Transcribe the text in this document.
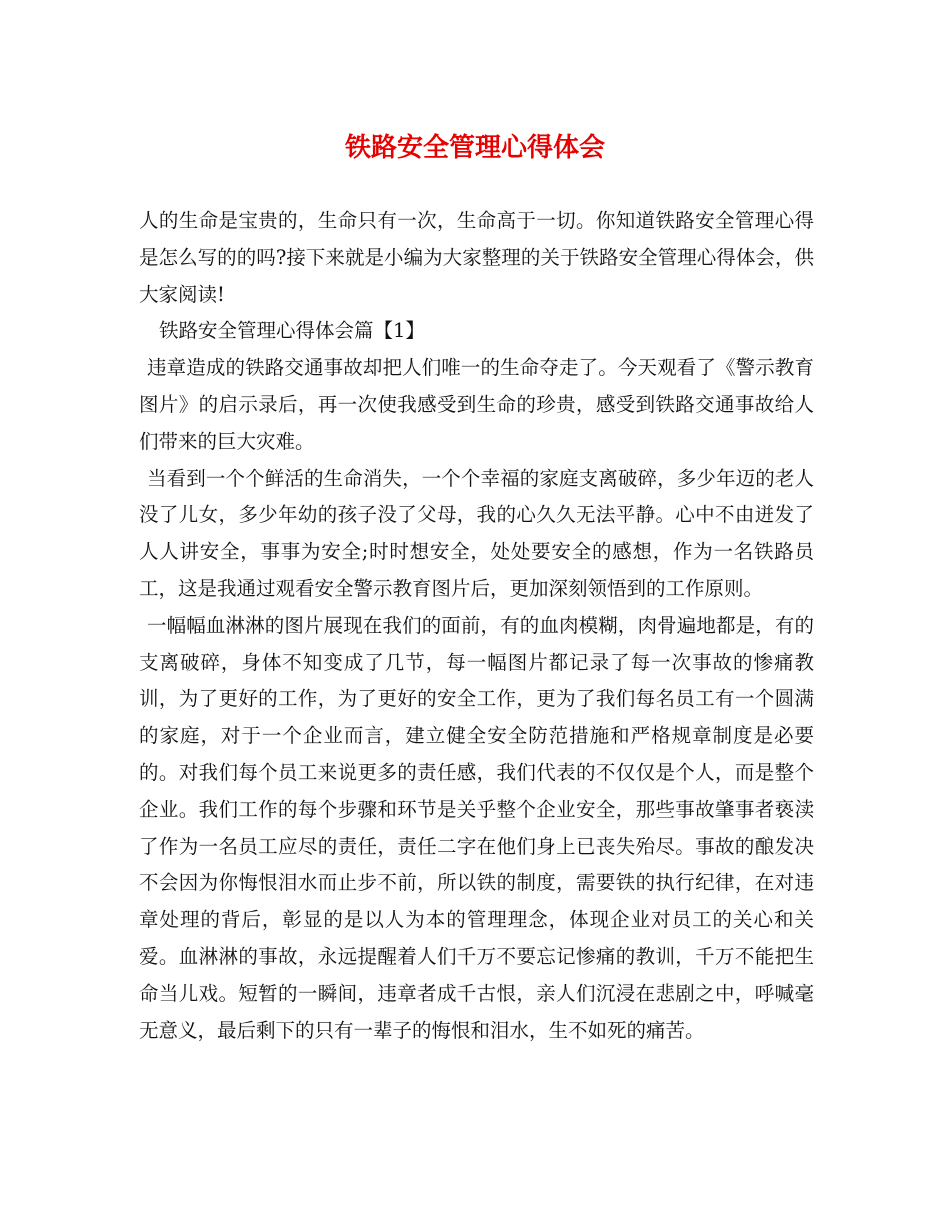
铁路安全管理心得体会

人的生命是宝贵的，生命只有一次，生命高于一切。你知道铁路安全管理心得是怎么写的的吗?接下来就是小编为大家整理的关于铁路安全管理心得体会，供大家阅读!

铁路安全管理心得体会篇【1】

违章造成的铁路交通事故却把人们唯一的生命夺走了。今天观看了《警示教育图片》的启示录后，再一次使我感受到生命的珍贵，感受到铁路交通事故给人们带来的巨大灾难。

当看到一个个鲜活的生命消失，一个个幸福的家庭支离破碎，多少年迈的老人没了儿女，多少年幼的孩子没了父母，我的心久久无法平静。心中不由迸发了人人讲安全，事事为安全;时时想安全，处处要安全的感想，作为一名铁路员工，这是我通过观看安全警示教育图片后，更加深刻领悟到的工作原则。

一幅幅血淋淋的图片展现在我们的面前，有的血肉模糊，肉骨遍地都是，有的支离破碎，身体不知变成了几节，每一幅图片都记录了每一次事故的惨痛教训，为了更好的工作，为了更好的安全工作，更为了我们每名员工有一个圆满的家庭，对于一个企业而言，建立健全安全防范措施和严格规章制度是必要的。对我们每个员工来说更多的责任感，我们代表的不仅仅是个人，而是整个企业。我们工作的每个步骤和环节是关乎整个企业安全，那些事故肇事者亵渎了作为一名员工应尽的责任，责任二字在他们身上已丧失殆尽。事故的酿发决不会因为你悔恨泪水而止步不前，所以铁的制度，需要铁的执行纪律，在对违章处理的背后，彰显的是以人为本的管理理念，体现企业对员工的关心和关爱。血淋淋的事故，永远提醒着人们千万不要忘记惨痛的教训，千万不能把生命当儿戏。短暂的一瞬间，违章者成千古恨，亲人们沉浸在悲剧之中，呼喊毫无意义，最后剩下的只有一辈子的悔恨和泪水，生不如死的痛苦。
